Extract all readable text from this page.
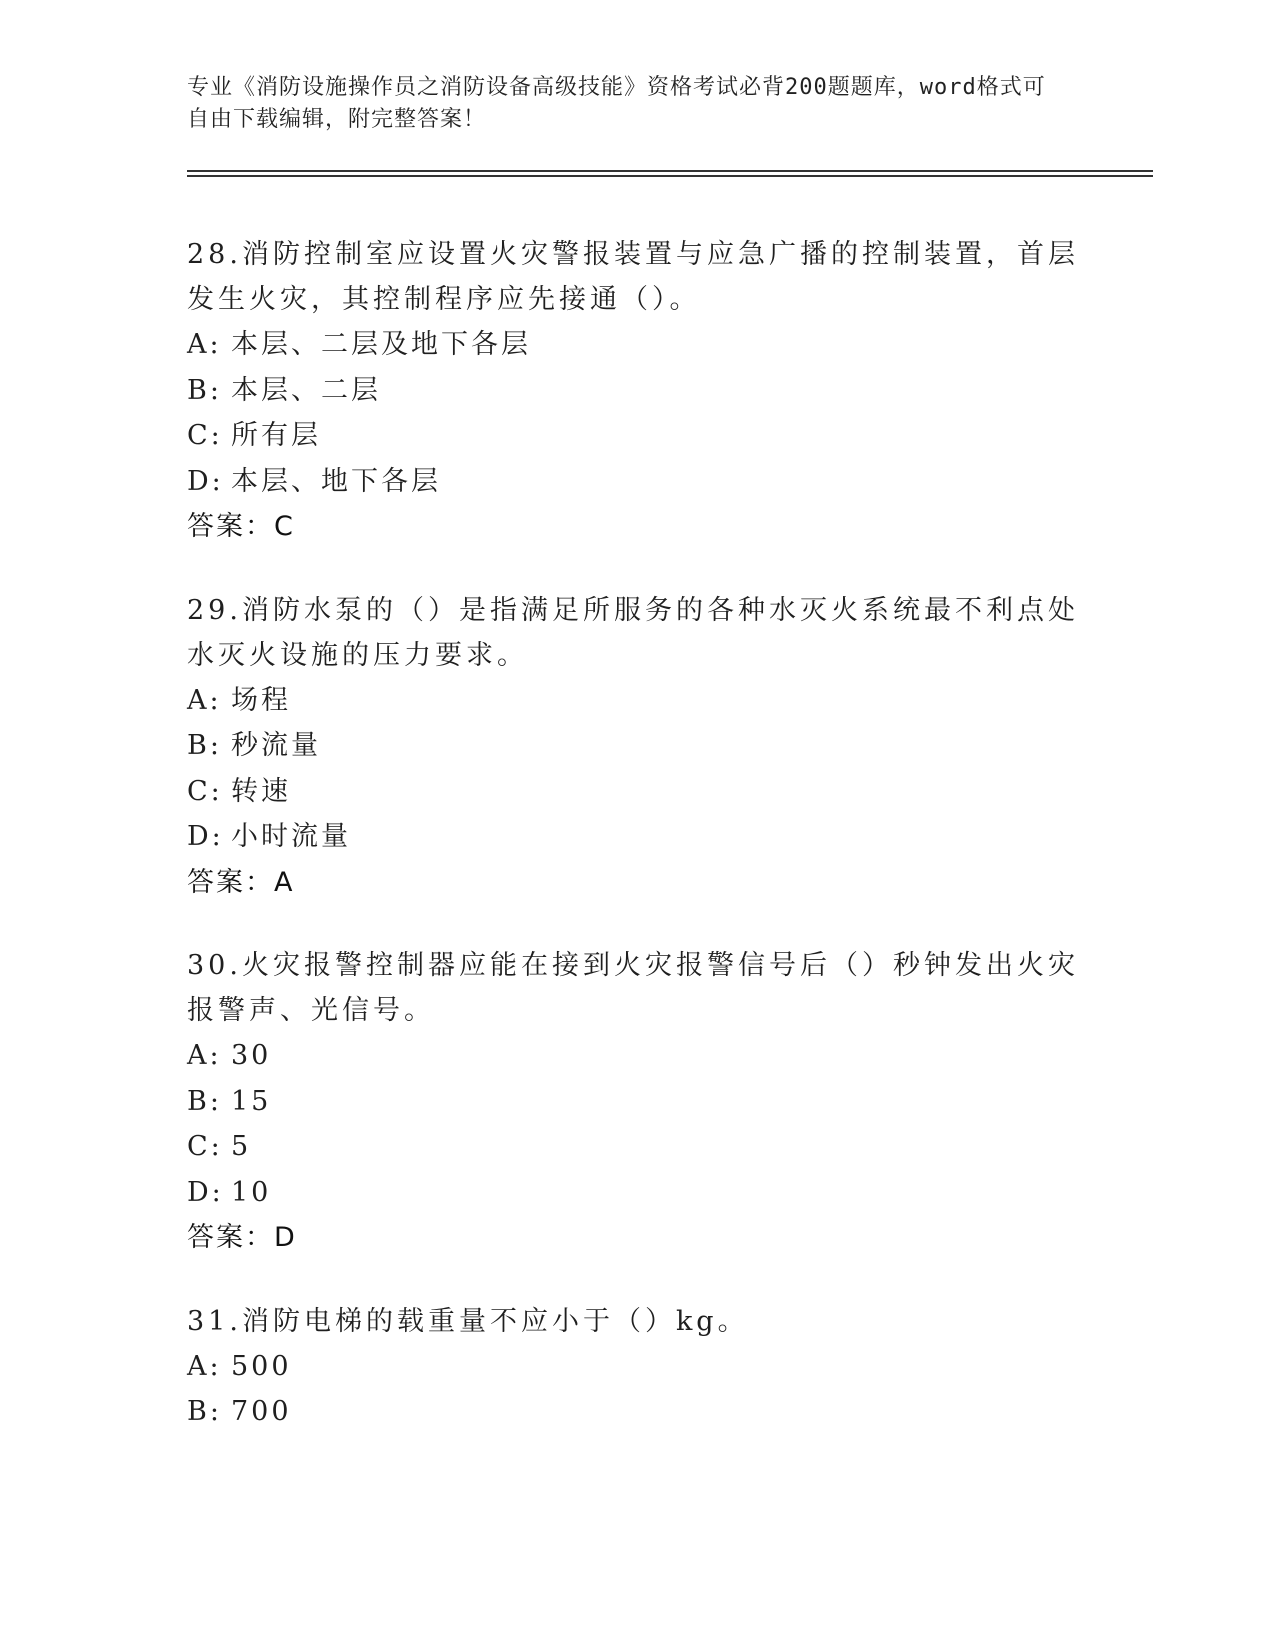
专业《消防设施操作员之消防设备高级技能》资格考试必背200题题库，word格式可自由下载编辑，附完整答案！

28.消防控制室应设置火灾警报装置与应急广播的控制装置，首层发生火灾，其控制程序应先接通（）。

A: 本层、二层及地下各层

B: 本层、二层

C: 所有层

D: 本层、地下各层

答案：C

29.消防水泵的（）是指满足所服务的各种水灭火系统最不利点处水灭火设施的压力要求。

A: 场程

B: 秒流量

C: 转速

D: 小时流量

答案：A

30.火灾报警控制器应能在接到火灾报警信号后（）秒钟发出火灾报警声、光信号。

A: 30

B: 15

C: 5

D: 10

答案：D

31.消防电梯的载重量不应小于（）kg。

A: 500

B: 700
